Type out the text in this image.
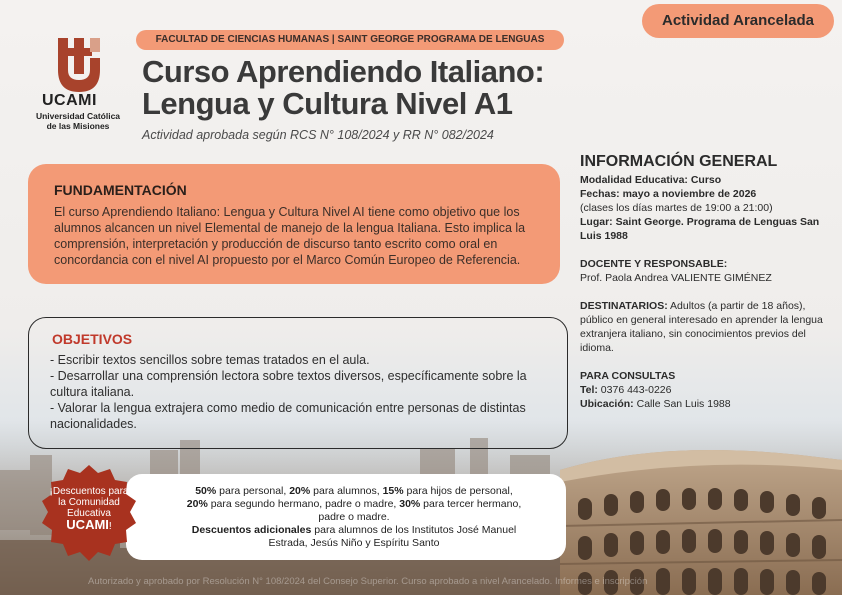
Actividad Arancelada
FACULTAD DE CIENCIAS HUMANAS | SAINT GEORGE PROGRAMA DE LENGUAS
UCAMI
Universidad Católica
de las Misiones
Curso Aprendiendo Italiano:
Lengua y Cultura Nivel A1
Actividad aprobada según RCS N° 108/2024 y RR N° 082/2024
FUNDAMENTACIÓN
El curso Aprendiendo Italiano: Lengua y Cultura Nivel AI tiene como objetivo que los alumnos alcancen un nivel Elemental de manejo de la lengua Italiana. Esto implica la comprensión, interpretación y producción de discurso tanto escrito como oral en concordancia con el nivel AI propuesto por el Marco Común Europeo de Referencia.
OBJETIVOS
- Escribir textos sencillos sobre temas tratados en el aula.
- Desarrollar una comprensión lectora sobre textos diversos, específicamente sobre la cultura italiana.
- Valorar la lengua extrajera como medio de comunicación entre personas de distintas nacionalidades.
INFORMACIÓN GENERAL
Modalidad Educativa: Curso
Fechas: mayo a noviembre de 2026
(clases los días martes de 19:00 a 21:00)
Lugar: Saint George. Programa de Lenguas San Luis 1988
DOCENTE Y RESPONSABLE:
Prof. Paola Andrea VALIENTE GIMÉNEZ
DESTINATARIOS: Adultos (a partir de 18 años), público en general interesado en aprender la lengua extranjera italiano, sin conocimientos previos del idioma.
PARA CONSULTAS
Tel: 0376 443-0226
Ubicación: Calle San Luis 1988
50% para personal, 20% para alumnos, 15% para hijos de personal, 20% para segundo hermano, padre o madre, 30% para tercer hermano, padre o madre.
Descuentos adicionales para alumnos de los Institutos José Manuel Estrada, Jesús Niño y Espíritu Santo
¡Descuentos para la Comunidad Educativa
UCAMI!
Autorizado y aprobado por Resolución N° 108/2024 del Consejo Superior. Curso aprobado a nivel Arancelado. Informes e inscripción
